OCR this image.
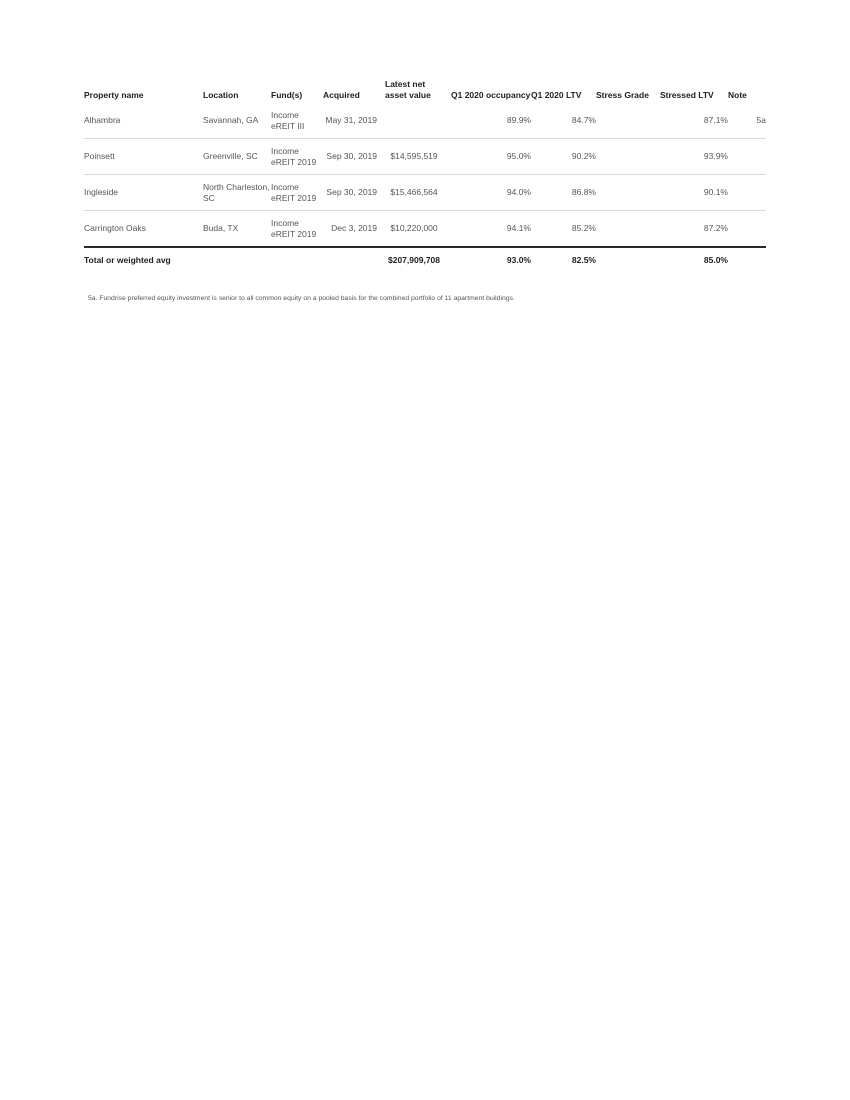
Property name	Location	Fund(s)	Acquired	Latest net asset value	Q1 2020 occupancy	Q1 2020 LTV	Stress Grade	Stressed LTV	Note
Alhambra	Savannah, GA	Income eREIT III	May 31, 2019		89.9%	84.7%		87.1%	5a
Poinsett	Greenville, SC	Income eREIT 2019	Sep 30, 2019	$14,595,519	95.0%	90.2%		93.9%	
Ingleside	North Charleston, SC	Income eREIT 2019	Sep 30, 2019	$15,466,564	94.0%	86.8%		90.1%	
Carrington Oaks	Buda, TX	Income eREIT 2019	Dec 3, 2019	$10,220,000	94.1%	85.2%		87.2%	
Total or weighted avg				$207,909,708	93.0%	82.5%		85.0%	
5a. Fundrise preferred equity investment is senior to all common equity on a pooled basis for the combined portfolio of 11 apartment buildings.
